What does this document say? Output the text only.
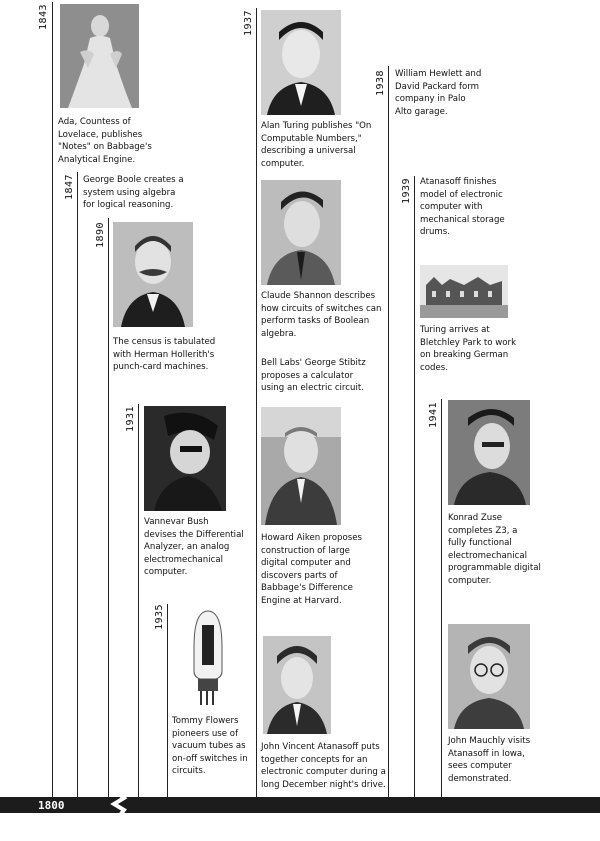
1843
1847
1890
1931
1935
1937
1938
1939
1941
Ada, Countess of
Lovelace, publishes
"Notes" on Babbage's
Analytical Engine.
George Boole creates a
system using algebra
for logical reasoning.
The census is tabulated
with Herman Hollerith's
punch-card machines.
Vannevar Bush
devises the Differential
Analyzer, an analog
electromechanical
computer.
Tommy Flowers
pioneers use of
vacuum tubes as
on-off switches in
circuits.
Alan Turing publishes "On
Computable Numbers,"
describing a universal
computer.
Claude Shannon describes
how circuits of switches can
perform tasks of Boolean
algebra.
Bell Labs' George Stibitz
proposes a calculator
using an electric circuit.
Howard Aiken proposes
construction of large
digital computer and
discovers parts of
Babbage's Difference
Engine at Harvard.
John Vincent Atanasoff puts
together concepts for an
electronic computer during a
long December night's drive.
William Hewlett and
David Packard form
company in Palo
Alto garage.
Atanasoff finishes
model of electronic
computer with
mechanical storage
drums.
Turing arrives at
Bletchley Park to work
on breaking German
codes.
Konrad Zuse
completes Z3, a
fully functional
electromechanical
programmable digital
computer.
John Mauchly visits
Atanasoff in Iowa,
sees computer
demonstrated.
1800
